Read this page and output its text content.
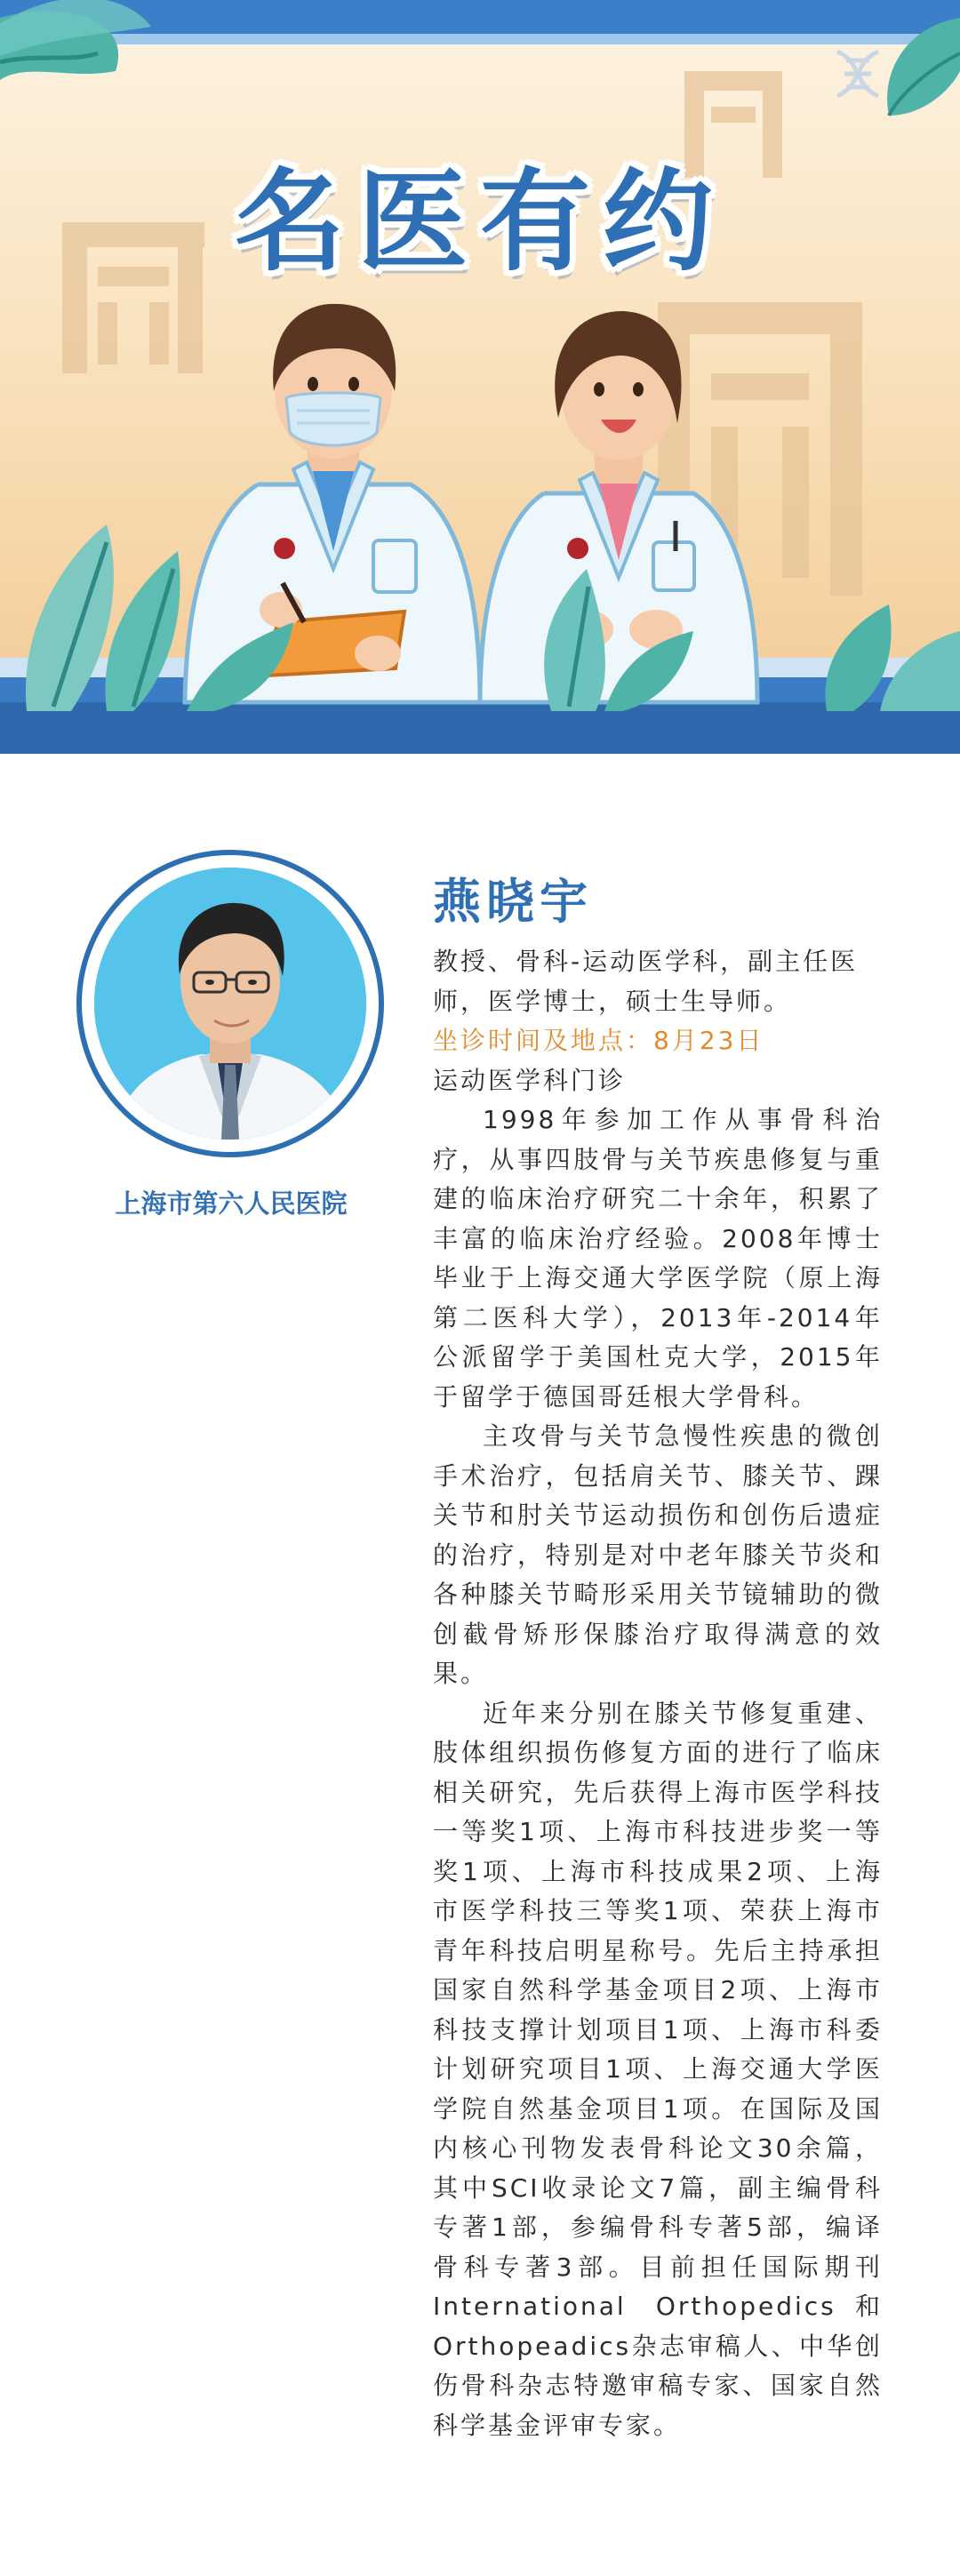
名医有约
上海市第六人民医院
燕晓宇

教授、骨科-运动医学科，副主任医师，医学博士，硕士生导师。

坐诊时间及地点：8月23日

运动医学科门诊

1998年参加工作从事骨科治疗，从事四肢骨与关节疾患修复与重建的临床治疗研究二十余年，积累了丰富的临床治疗经验。2008年博士毕业于上海交通大学医学院（原上海第二医科大学），2013年-2014年公派留学于美国杜克大学，2015年于留学于德国哥廷根大学骨科。

主攻骨与关节急慢性疾患的微创手术治疗，包括肩关节、膝关节、踝关节和肘关节运动损伤和创伤后遗症的治疗，特别是对中老年膝关节炎和各种膝关节畸形采用关节镜辅助的微创截骨矫形保膝治疗取得满意的效果。

近年来分别在膝关节修复重建、肢体组织损伤修复方面的进行了临床相关研究，先后获得上海市医学科技一等奖1项、上海市科技进步奖一等奖1项、上海市科技成果2项、上海市医学科技三等奖1项、荣获上海市青年科技启明星称号。先后主持承担国家自然科学基金项目2项、上海市科技支撑计划项目1项、上海市科委计划研究项目1项、上海交通大学医学院自然基金项目1项。在国际及国内核心刊物发表骨科论文30余篇，其中SCI收录论文7篇，副主编骨科专著1部，参编骨科专著5部，编译骨科专著3部。目前担任国际期刊International Orthopedics和Orthopeadics杂志审稿人、中华创伤骨科杂志特邀审稿专家、国家自然科学基金评审专家。
